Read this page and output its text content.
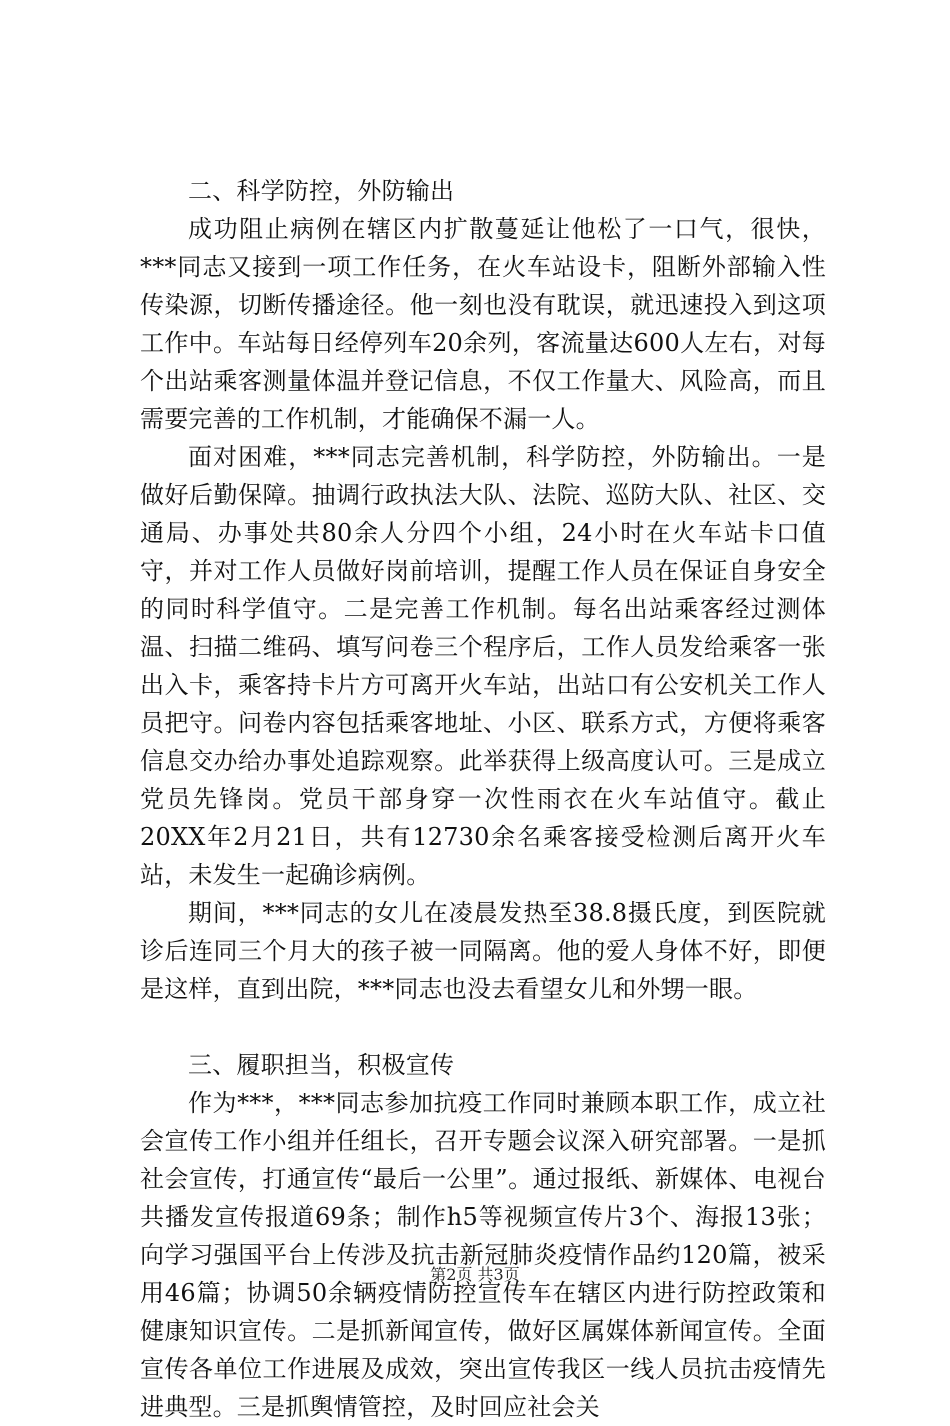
二、科学防控，外防输出

成功阻止病例在辖区内扩散蔓延让他松了一口气，很快，***同志又接到一项工作任务，在火车站设卡，阻断外部输入性传染源，切断传播途径。他一刻也没有耽误，就迅速投入到这项工作中。车站每日经停列车20余列，客流量达600人左右，对每个出站乘客测量体温并登记信息，不仅工作量大、风险高，而且需要完善的工作机制，才能确保不漏一人。

面对困难，***同志完善机制，科学防控，外防输出。一是做好后勤保障。抽调行政执法大队、法院、巡防大队、社区、交通局、办事处共80余人分四个小组，24小时在火车站卡口值守，并对工作人员做好岗前培训，提醒工作人员在保证自身安全的同时科学值守。二是完善工作机制。每名出站乘客经过测体温、扫描二维码、填写问卷三个程序后，工作人员发给乘客一张出入卡，乘客持卡片方可离开火车站，出站口有公安机关工作人员把守。问卷内容包括乘客地址、小区、联系方式，方便将乘客信息交办给办事处追踪观察。此举获得上级高度认可。三是成立党员先锋岗。党员干部身穿一次性雨衣在火车站值守。截止20XX年2月21日，共有12730余名乘客接受检测后离开火车站，未发生一起确诊病例。

期间，***同志的女儿在凌晨发热至38.8摄氏度，到医院就诊后连同三个月大的孩子被一同隔离。他的爱人身体不好，即便是这样，直到出院，***同志也没去看望女儿和外甥一眼。

三、履职担当，积极宣传

作为***，***同志参加抗疫工作同时兼顾本职工作，成立社会宣传工作小组并任组长，召开专题会议深入研究部署。一是抓社会宣传，打通宣传“最后一公里”。通过报纸、新媒体、电视台共播发宣传报道69条；制作h5等视频宣传片3个、海报13张；向学习强国平台上传涉及抗击新冠肺炎疫情作品约120篇，被采用46篇；协调50余辆疫情防控宣传车在辖区内进行防控政策和健康知识宣传。二是抓新闻宣传，做好区属媒体新闻宣传。全面宣传各单位工作进展及成效，突出宣传我区一线人员抗击疫情先进典型。三是抓舆情管控，及时回应社会关

第2页 共3页
